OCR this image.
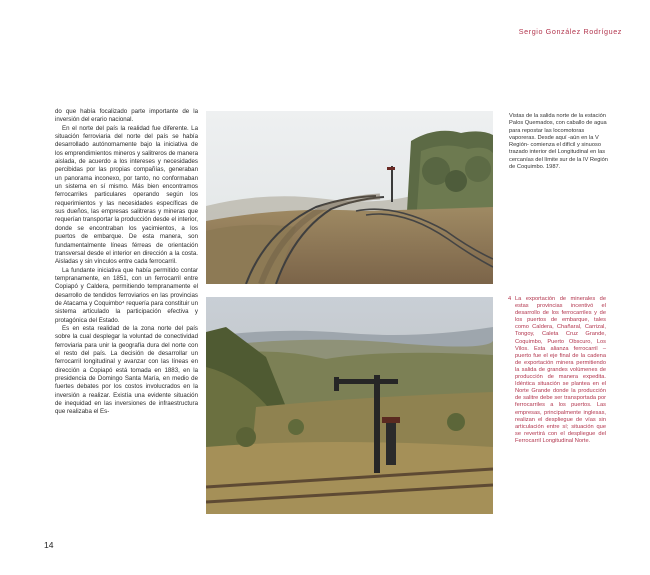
Sergio González Rodríguez

do que había focalizado parte importante de la inversión del erario nacional.

En el norte del país la realidad fue diferente. La situación ferroviaria del norte del país se había desarrollado autónomamente bajo la iniciativa de los emprendimientos mineros y salitreros de manera aislada, de acuerdo a los intereses y necesidades percibidas por las propias compañías, generaban un panorama inconexo, por tanto, no conformaban un sistema en sí mismo. Más bien encontramos ferrocarriles particulares operando según los requerimientos y las necesidades específicas de sus dueños, las empresas salitreras y mineras que requerían transportar la producción desde el interior, donde se encontraban los yacimientos, a los puertos de embarque. De esta manera, son fundamentalmente líneas férreas de orientación transversal desde el interior en dirección a la costa. Aisladas y sin vínculos entre cada ferrocarril.

La fundante iniciativa que había permitido contar tempranamente, en 1851, con un ferrocarril entre Copiapó y Caldera, permitiendo tempranamente el desarrollo de tendidos ferroviarios en las provincias de Atacama y Coquimbo⁴ requería para constituir un sistema articulado la participación efectiva y protagónica del Estado.

Es en esta realidad de la zona norte del país sobre la cual desplegar la voluntad de conectividad ferroviaria para unir la geografía dura del norte con el resto del país. La decisión de desarrollar un ferrocarril longitudinal y avanzar con las líneas en dirección a Copiapó está tomada en 1883, en la presidencia de Domingo Santa María, en medio de fuertes debates por los costos involucrados en la inversión a realizar. Existía una evidente situación de inequidad en las inversiones de infraestructura que realizaba el Es-

Vistas de la salida norte de la estación Palos Quemados, con caballo de agua para repostar las locomotoras vaporeras. Desde aquí -aún en la V Región- comienza el difícil y sinuoso trazado interior del Longitudinal en las cercanías del límite sur de la IV Región de Coquimbo. 1987.
4 La exportación de minerales de estas provincias incentivó el desarrollo de los ferrocarriles y de los puertos de embarque, tales como Caldera, Chañaral, Carrizal, Tongoy, Caleta Cruz Grande, Coquimbo, Puerto Obscuro, Los Vilos. Esta alianza ferrocarril – puerto fue el eje final de la cadena de exportación minera permitiendo la salida de grandes volúmenes de producción de manera expedita. Idéntica situación se plantea en el Norte Grande donde la producción de salitre debe ser transportada por ferrocarriles a los puertos. Las empresas, principalmente inglesas, realizan el despliegue de vías sin articulación entre sí; situación que se revertirá con el despliegue del Ferrocarril Longitudinal Norte.
14
